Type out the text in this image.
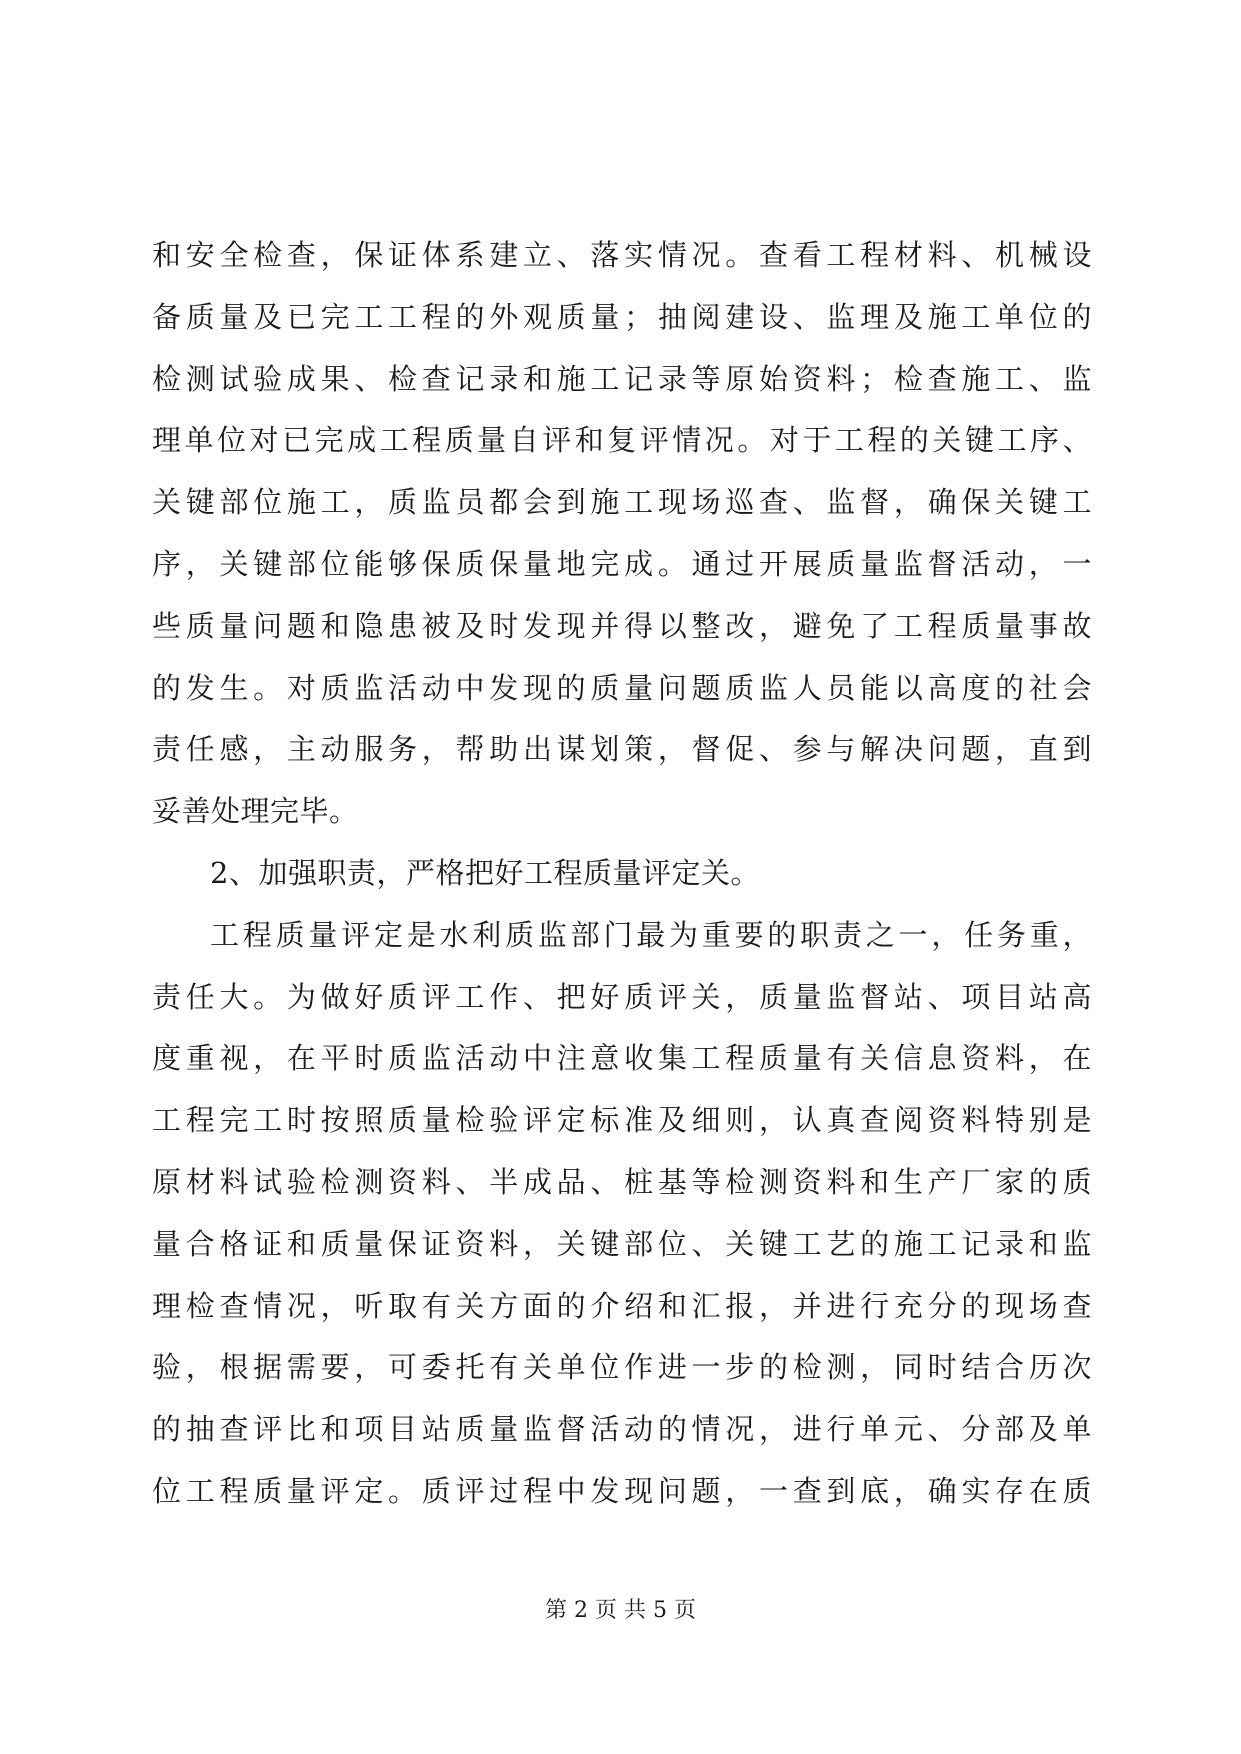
和安全检查，保证体系建立、落实情况。查看工程材料、机械设
备质量及已完工工程的外观质量；抽阅建设、监理及施工单位的
检测试验成果、检查记录和施工记录等原始资料；检查施工、监
理单位对已完成工程质量自评和复评情况。对于工程的关键工序、
关键部位施工，质监员都会到施工现场巡查、监督，确保关键工
序，关键部位能够保质保量地完成。通过开展质量监督活动，一
些质量问题和隐患被及时发现并得以整改，避免了工程质量事故
的发生。对质监活动中发现的质量问题质监人员能以高度的社会
责任感，主动服务，帮助出谋划策，督促、参与解决问题，直到
妥善处理完毕。
2、加强职责，严格把好工程质量评定关。
工程质量评定是水利质监部门最为重要的职责之一，任务重，
责任大。为做好质评工作、把好质评关，质量监督站、项目站高
度重视，在平时质监活动中注意收集工程质量有关信息资料，在
工程完工时按照质量检验评定标准及细则，认真查阅资料特别是
原材料试验检测资料、半成品、桩基等检测资料和生产厂家的质
量合格证和质量保证资料，关键部位、关键工艺的施工记录和监
理检查情况，听取有关方面的介绍和汇报，并进行充分的现场查
验，根据需要，可委托有关单位作进一步的检测，同时结合历次
的抽查评比和项目站质量监督活动的情况，进行单元、分部及单
位工程质量评定。质评过程中发现问题，一查到底，确实存在质
第 2 页 共 5 页
